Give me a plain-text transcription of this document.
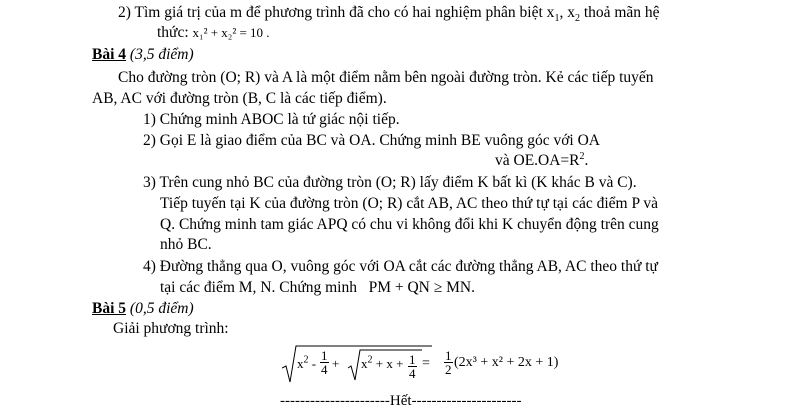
2) Tìm giá trị của m để phương trình đã cho có hai nghiệm phân biệt $x_1$, $x_2$ thoả mãn hệ
thức: x₁² + x₂² = 10 .
Bài 4 (3,5 điểm)
Cho đường tròn (O; R) và A là một điểm nằm bên ngoài đường tròn. Kẻ các tiếp tuyến
AB, AC với đường tròn (B, C là các tiếp điểm).
1) Chứng minh ABOC là tứ giác nội tiếp.
2) Gọi E là giao điểm của BC và OA. Chứng minh BE vuông góc với OA
và $OE.OA=R^2$.
3) Trên cung nhỏ BC của đường tròn (O; R) lấy điểm K bất kì (K khác B và C).
Tiếp tuyến tại K của đường tròn (O; R) cắt AB, AC theo thứ tự tại các điểm P và
Q. Chứng minh tam giác APQ có chu vi không đổi khi K chuyển động trên cung
nhỏ BC.
4) Đường thẳng qua O, vuông góc với OA cắt các đường thẳng AB, AC theo thứ tự
tại các điểm M, N. Chứng minh PM + QN ≥ MN.
Bài 5 (0,5 điểm)
Giải phương trình:
$x^2 - \frac{1}{4} + x^2 + x + \frac{1}{4} = \frac{1}{2} (2x^3 + x^2 + 2x + 1)$
----------------------Hết----------------------
